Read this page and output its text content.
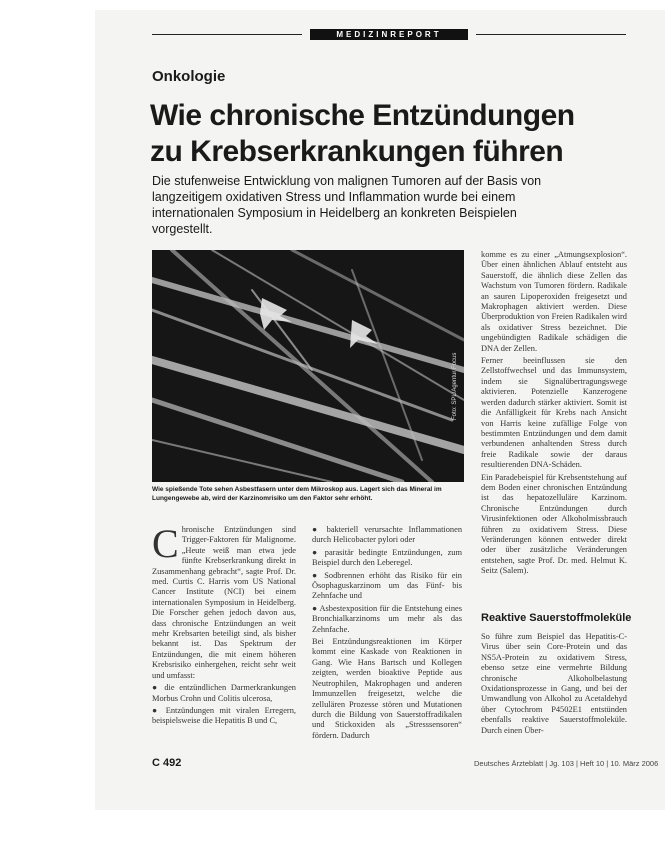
MEDIZINREPORT
Onkologie
Wie chronische Entzündungen zu Krebserkrankungen führen
Die stufenweise Entwicklung von malignen Tumoren auf der Basis von langzeitigem oxidativen Stress und Inflammation wurde bei einem internationalen Symposium in Heidelberg an konkreten Beispielen vorgestellt.
Foto: SPL/Agentur Focus
Wie spießende Tote sehen Asbestfasern unter dem Mikroskop aus. Lagert sich das Mineral im Lungengewebe ab, wird der Karzinomrisiko um den Faktor sehr erhöht.
C hronische Entzündungen sind Trigger-Faktoren für Malignome. „Heute weiß man etwa jede fünfte Krebserkrankung direkt in Zusammenhang gebracht“, sagte Prof. Dr. med. Curtis C. Harris vom US National Cancer Institute (NCI) bei einem internationalen Symposium in Heidelberg. Die Forscher gehen jedoch davon aus, dass chronische Entzündungen an weit mehr Krebsarten beteiligt sind, als bisher bekannt ist. Das Spektrum der Entzündungen, die mit einem höheren Krebsrisiko einhergehen, reicht sehr weit und umfasst:

● die entzündlichen Darmerkrankungen Morbus Crohn und Colitis ulcerosa,

● Entzündungen mit viralen Erregern, beispielsweise die Hepatitis B und C,

● bakteriell verursachte Inflammationen durch Helicobacter pylori oder

● parasitär bedingte Entzündungen, zum Beispiel durch den Leberegel.

● Sodbrennen erhöht das Risiko für ein Ösophaguskarzinom um das Fünf- bis Zehnfache und

● Asbestexposition für die Entstehung eines Bronchialkarzinoms um mehr als das Zehnfache.

Bei Entzündungsreaktionen im Körper kommt eine Kaskade von Reaktionen in Gang. Wie Hans Bartsch und Kollegen zeigten, werden bioaktive Peptide aus Neutrophilen, Makrophagen und anderen Immunzellen freigesetzt, welche die zellulären Prozesse stören und Mutationen durch die Bildung von Sauerstoffradikalen und Stickoxiden als „Stresssensoren“ fördern. Dadurch

komme es zu einer „Atmungsexplosion“. Über einen ähnlichen Ablauf entsteht aus Sauerstoff, die ähnlich diese Zellen das Wachstum von Tumoren fördern. Radikale an sauren Lipoperoxiden freigesetzt und Makrophagen aktiviert werden. Diese Überproduktion von Freien Radikalen wird als oxidativer Stress bezeichnet. Die ungebündigten Radikale schädigen die DNA der Zellen.

Ferner beeinflussen sie den Zellstoffwechsel und das Immunsystem, indem sie Signalübertragungswege aktivieren. Potenzielle Kanzerogene werden dadurch stärker aktiviert. Somit ist die Anfälligkeit für Krebs nach Ansicht von Harris keine zufällige Folge von bestimmten Entzündungen und dem damit verbundenen anhaltenden Stress durch freie Radikale sowie der daraus resultierenden DNA-Schäden.

Ein Paradebeispiel für Krebsentstehung auf dem Boden einer chronischen Entzündung ist das hepatozelluläre Karzinom. Chronische Entzündungen durch Virusinfektionen oder Alkoholmissbrauch führen zu oxidativem Stress. Diese Veränderungen können entweder direkt oder über zusätzliche Veränderungen entstehen, sagte Prof. Dr. med. Helmut K. Seitz (Salem).

Reaktive Sauerstoffmoleküle

So führe zum Beispiel das Hepatitis-C-Virus über sein Core-Protein und das NS5A-Protein zu oxidativem Stress, ebenso setze eine vermehrte Bildung chronische Alkoholbelastung Oxidationsprozesse in Gang, und bei der Umwandlung von Alkohol zu Acetaldehyd über Cytochrom P4502E1 entstünden ebenfalls reaktive Sauerstoffmoleküle. Durch einen Über-

C 492	Deutsches Ärzteblatt | Jg. 103 | Heft 10 | 10. März 2006
